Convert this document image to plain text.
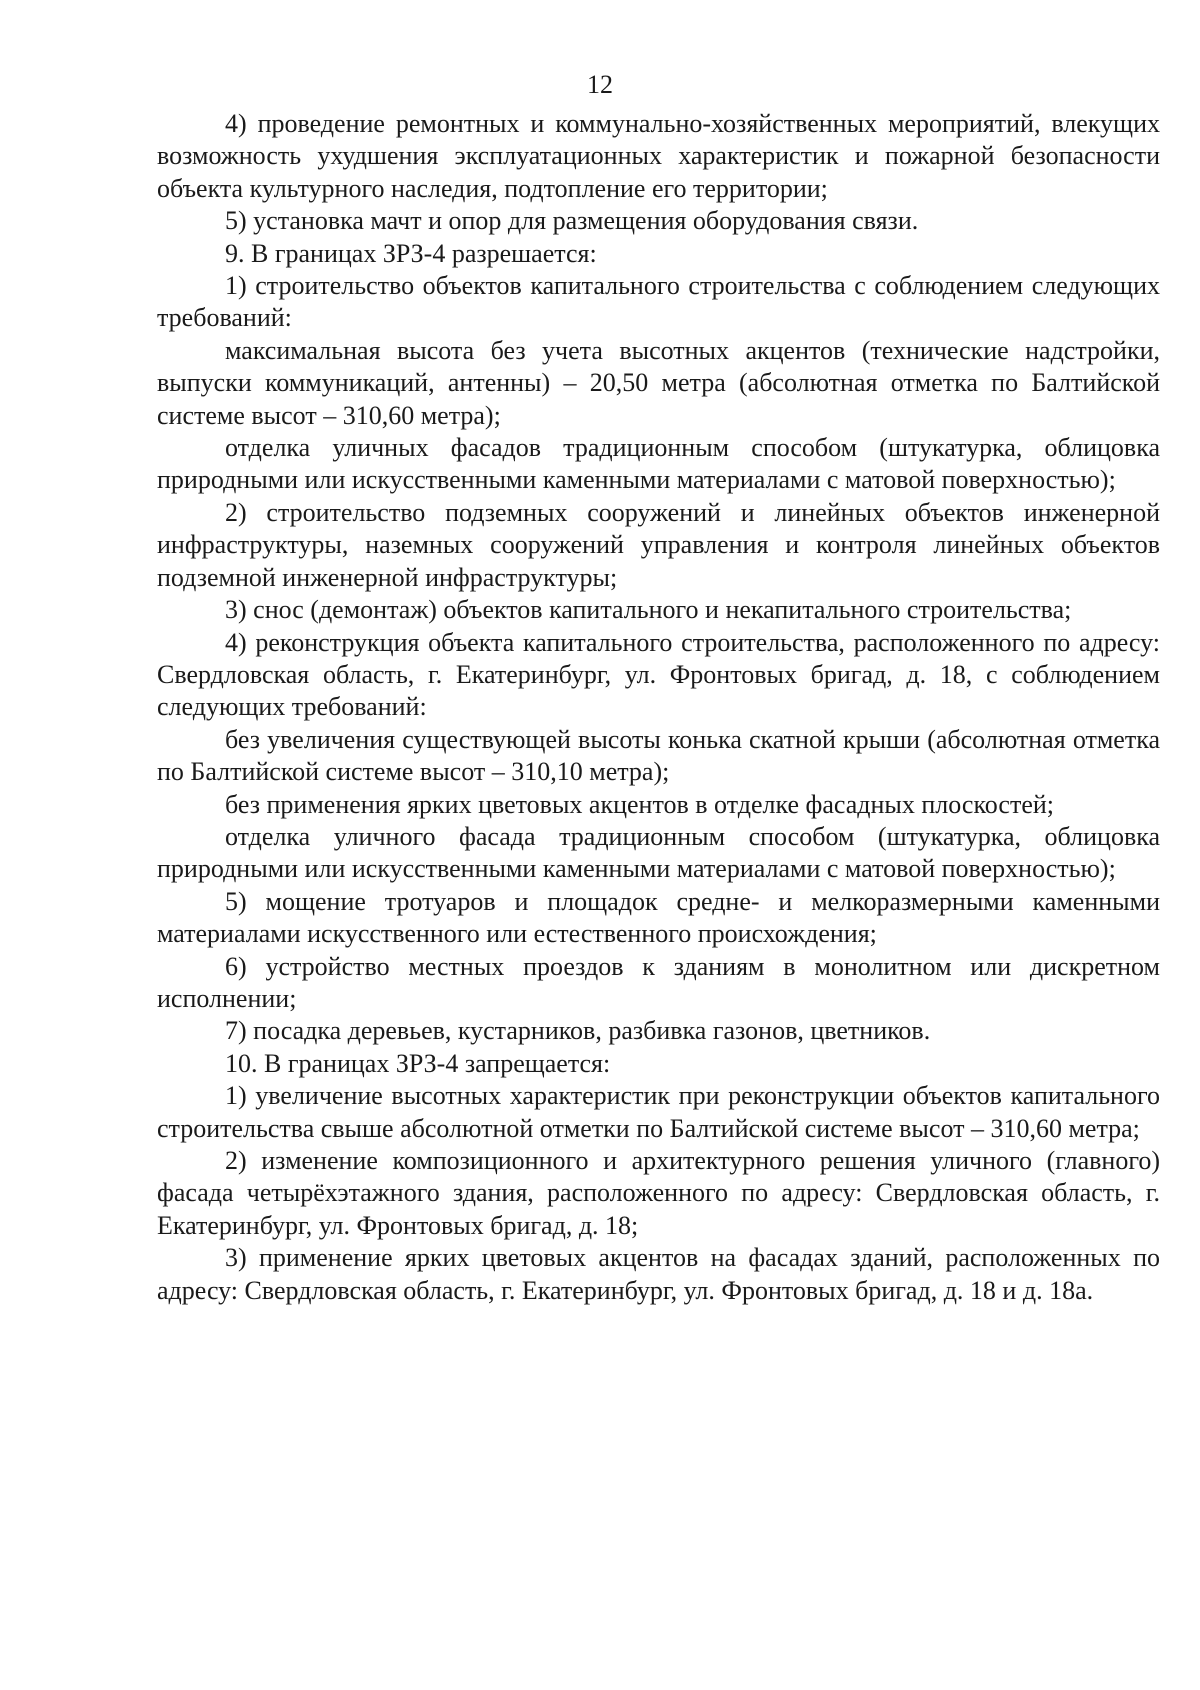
12

4) проведение ремонтных и коммунально-хозяйственных мероприятий, влекущих возможность ухудшения эксплуатационных характеристик и пожарной безопасности объекта культурного наследия, подтопление его территории;

5) установка мачт и опор для размещения оборудования связи.

9. В границах ЗРЗ-4 разрешается:

1) строительство объектов капитального строительства с соблюдением следующих требований:

максимальная высота без учета высотных акцентов (технические надстройки, выпуски коммуникаций, антенны) – 20,50 метра (абсолютная отметка по Балтийской системе высот – 310,60 метра);

отделка уличных фасадов традиционным способом (штукатурка, облицовка природными или искусственными каменными материалами с матовой поверхностью);

2) строительство подземных сооружений и линейных объектов инженерной инфраструктуры, наземных сооружений управления и контроля линейных объектов подземной инженерной инфраструктуры;

3) снос (демонтаж) объектов капитального и некапитального строительства;

4) реконструкция объекта капитального строительства, расположенного по адресу: Свердловская область, г. Екатеринбург, ул. Фронтовых бригад, д. 18, с соблюдением следующих требований:

без увеличения существующей высоты конька скатной крыши (абсолютная отметка по Балтийской системе высот – 310,10 метра);

без применения ярких цветовых акцентов в отделке фасадных плоскостей;

отделка уличного фасада традиционным способом (штукатурка, облицовка природными или искусственными каменными материалами с матовой поверхностью);

5) мощение тротуаров и площадок средне- и мелкоразмерными каменными материалами искусственного или естественного происхождения;

6) устройство местных проездов к зданиям в монолитном или дискретном исполнении;

7) посадка деревьев, кустарников, разбивка газонов, цветников.

10. В границах ЗРЗ-4 запрещается:

1) увеличение высотных характеристик при реконструкции объектов капитального строительства свыше абсолютной отметки по Балтийской системе высот – 310,60 метра;

2) изменение композиционного и архитектурного решения уличного (главного) фасада четырёхэтажного здания, расположенного по адресу: Свердловская область, г. Екатеринбург, ул. Фронтовых бригад, д. 18;

3) применение ярких цветовых акцентов на фасадах зданий, расположенных по адресу: Свердловская область, г. Екатеринбург, ул. Фронтовых бригад, д. 18 и д. 18а.
